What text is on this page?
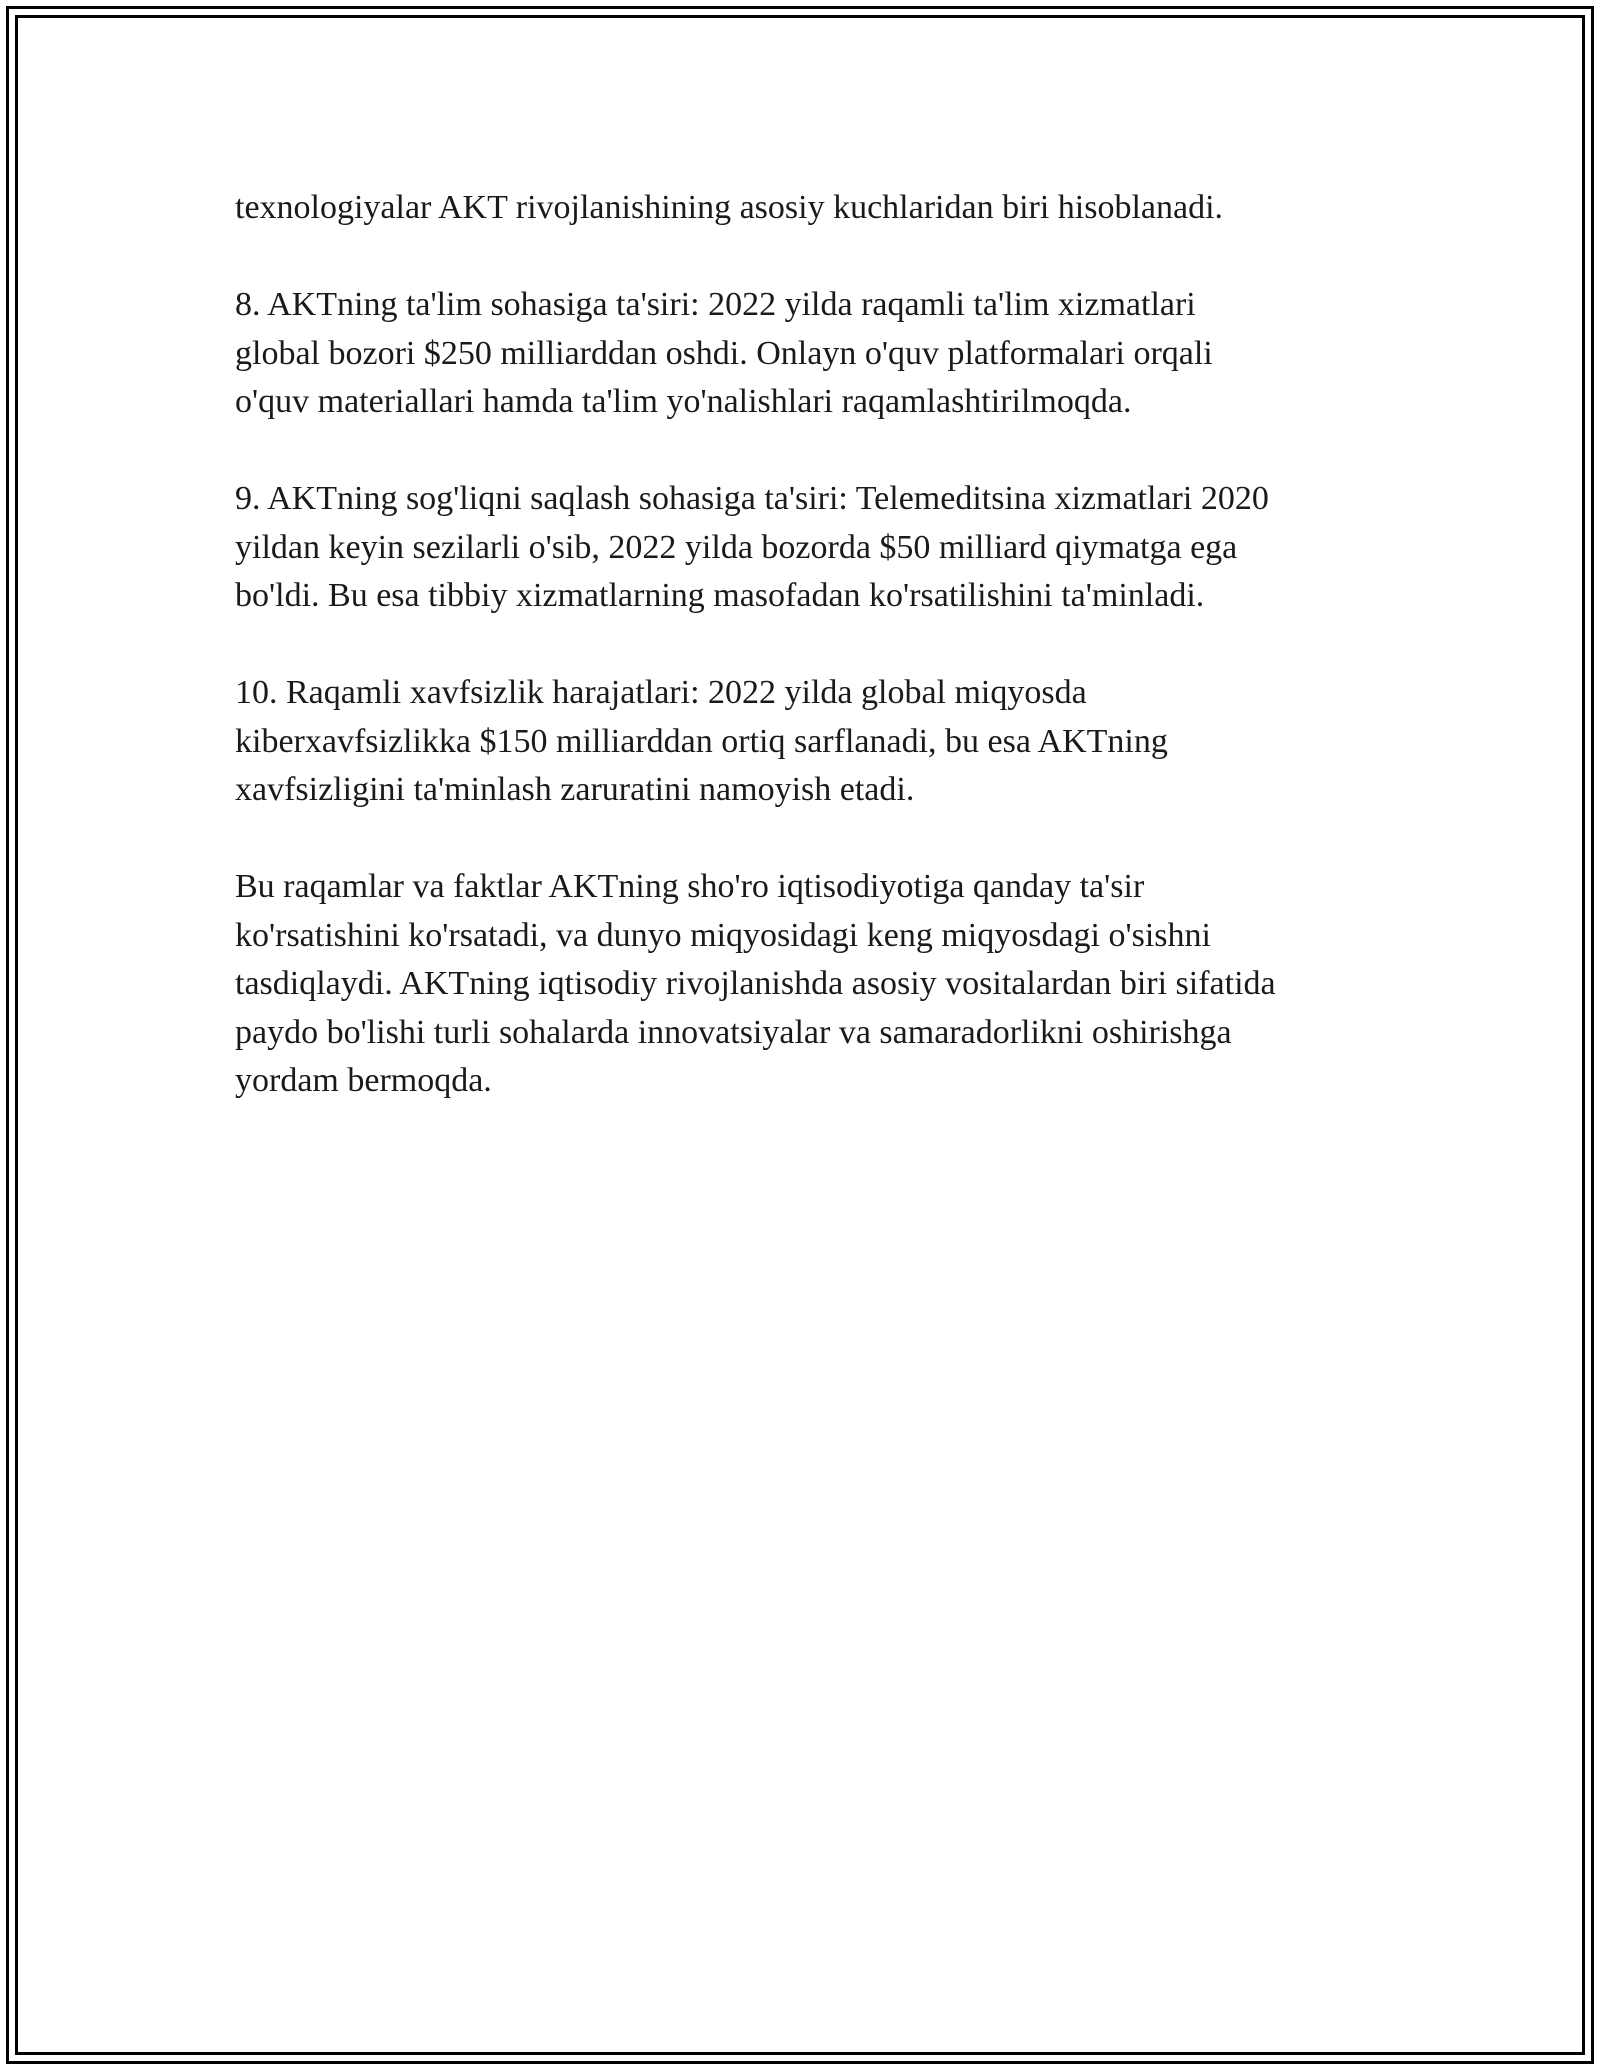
texnologiyalar AKT rivojlanishining asosiy kuchlaridan biri hisoblanadi.

8. AKTning ta'lim sohasiga ta'siri: 2022 yilda raqamli ta'lim xizmatlari
global bozori $250 milliarddan oshdi. Onlayn o'quv platformalari orqali
o'quv materiallari hamda ta'lim yo'nalishlari raqamlashtirilmoqda.

9. AKTning sog'liqni saqlash sohasiga ta'siri: Telemeditsina xizmatlari 2020
yildan keyin sezilarli o'sib, 2022 yilda bozorda $50 milliard qiymatga ega
bo'ldi. Bu esa tibbiy xizmatlarning masofadan ko'rsatilishini ta'minladi.

10. Raqamli xavfsizlik harajatlari: 2022 yilda global miqyosda
kiberxavfsizlikka $150 milliarddan ortiq sarflanadi, bu esa AKTning
xavfsizligini ta'minlash zaruratini namoyish etadi.

Bu raqamlar va faktlar AKTning sho'ro iqtisodiyotiga qanday ta'sir
ko'rsatishini ko'rsatadi, va dunyo miqyosidagi keng miqyosdagi o'sishni
tasdiqlaydi. AKTning iqtisodiy rivojlanishda asosiy vositalardan biri sifatida
paydo bo'lishi turli sohalarda innovatsiyalar va samaradorlikni oshirishga
yordam bermoqda.
